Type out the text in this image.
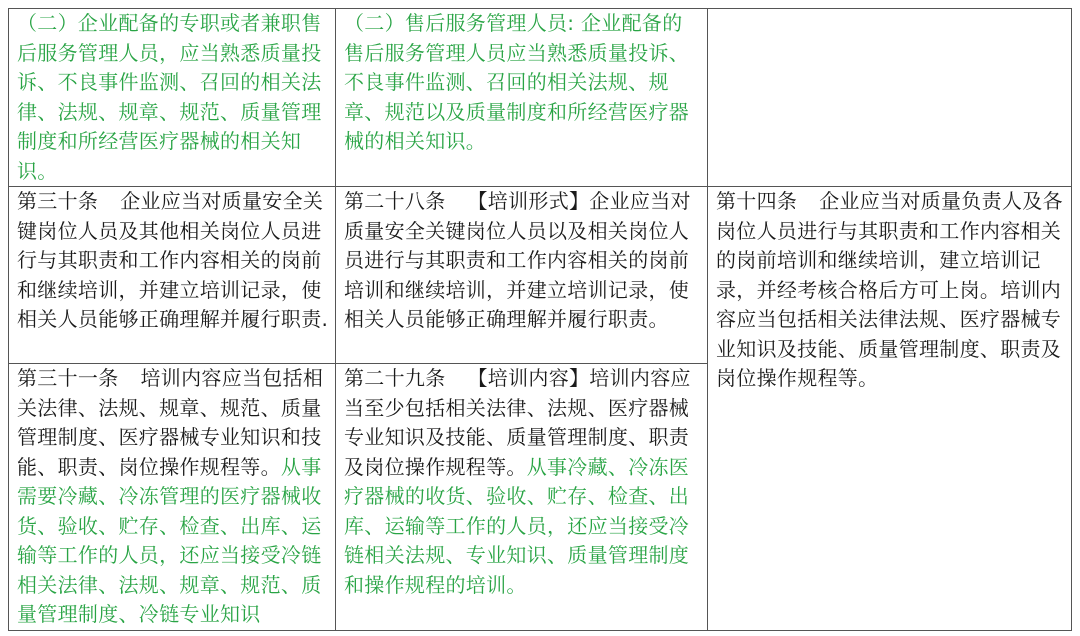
（二）企业配备的专职或者兼职售后服务管理人员，应当熟悉质量投诉、不良事件监测、召回的相关法律、法规、规章、规范、质量管理制度和所经营医疗器械的相关知识。	（二）售后服务管理人员: 企业配备的售后服务管理人员应当熟悉质量投诉、不良事件监测、召回的相关法规、规章、规范以及质量制度和所经营医疗器械的相关知识。	
第三十条 企业应当对质量安全关键岗位人员及其他相关岗位人员进行与其职责和工作内容相关的岗前和继续培训，并建立培训记录，使相关人员能够正确理解并履行职责.	第二十八条 【培训形式】企业应当对质量安全关键岗位人员以及相关岗位人员进行与其职责和工作内容相关的岗前培训和继续培训，并建立培训记录，使相关人员能够正确理解并履行职责。	第十四条 企业应当对质量负责人及各岗位人员进行与其职责和工作内容相关的岗前培训和继续培训，建立培训记录，并经考核合格后方可上岗。培训内容应当包括相关法律法规、医疗器械专业知识及技能、质量管理制度、职责及岗位操作规程等。
第三十一条 培训内容应当包括相关法律、法规、规章、规范、质量管理制度、医疗器械专业知识和技能、职责、岗位操作规程等。从事需要冷藏、冷冻管理的医疗器械收货、验收、贮存、检查、出库、运输等工作的人员，还应当接受冷链相关法律、法规、规章、规范、质量管理制度、冷链专业知识	第二十九条 【培训内容】培训内容应当至少包括相关法律、法规、医疗器械专业知识及技能、质量管理制度、职责及岗位操作规程等。从事冷藏、冷冻医疗器械的收货、验收、贮存、检查、出库、运输等工作的人员，还应当接受冷链相关法规、专业知识、质量管理制度和操作规程的培训。	
